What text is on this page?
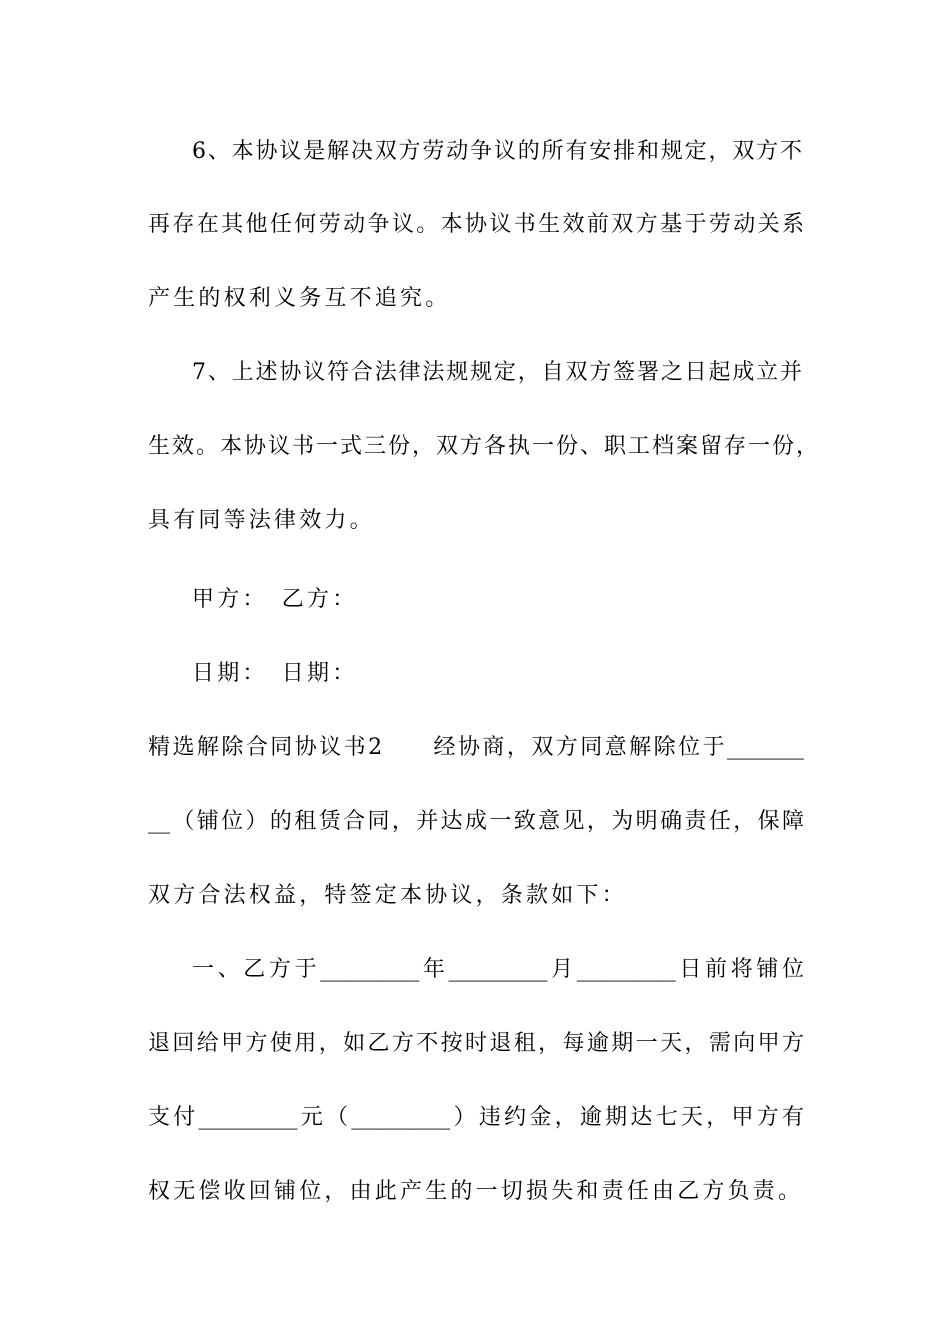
6、本协议是解决双方劳动争议的所有安排和规定，双方不
再存在其他任何劳动争议。本协议书生效前双方基于劳动关系
产生的权利义务互不追究。
7、上述协议符合法律法规规定，自双方签署之日起成立并
生效。本协议书一式三份，双方各执一份、职工档案留存一份，
具有同等法律效力。
甲方：　乙方：
日期：　日期：
精选解除合同协议书2　　经协商，双方同意解除位于_______
__（铺位）的租赁合同，并达成一致意见，为明确责任，保障
双方合法权益，特签定本协议，条款如下：
一、乙方于_________年_________月_________日前将铺位
退回给甲方使用，如乙方不按时退租，每逾期一天，需向甲方
支付_________元（_________）违约金，逾期达七天，甲方有
权无偿收回铺位，由此产生的一切损失和责任由乙方负责。
